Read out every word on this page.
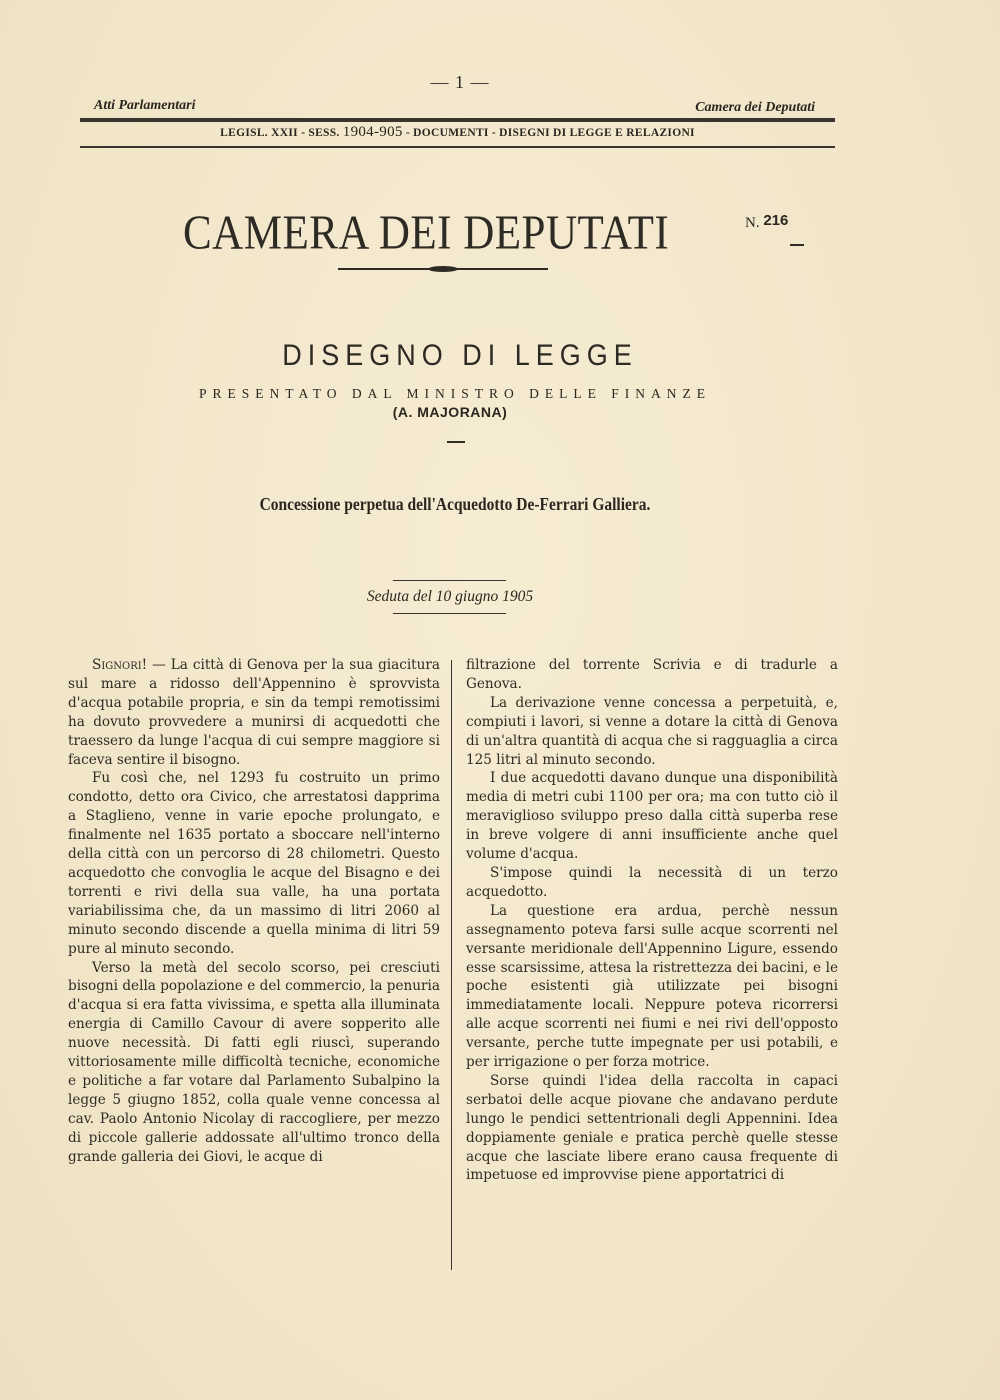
— 1 —
Atti Parlamentari	Camera dei Deputati
LEGISL. XXII - SESS. 1904-905 - DOCUMENTI - DISEGNI DI LEGGE E RELAZIONI
CAMERA DEI DEPUTATI	N. 216
DISEGNO DI LEGGE
PRESENTATO DAL MINISTRO DELLE FINANZE
(A. MAJORANA)
Concessione perpetua dell'Acquedotto De-Ferrari Galliera.
Seduta del 10 giugno 1905

Signori! — La città di Genova per la sua giacitura sul mare a ridosso dell'Appennino è sprovvista d'acqua potabile propria, e sin da tempi remotissimi ha dovuto provvedere a munirsi di acquedotti che traessero da lunge l'acqua di cui sempre maggiore si faceva sentire il bisogno.

Fu così che, nel 1293 fu costruito un primo condotto, detto ora Civico, che arrestatosi dapprima a Staglieno, venne in varie epoche prolungato, e finalmente nel 1635 portato a sboccare nell'interno della città con un percorso di 28 chilometri. Questo acquedotto che convoglia le acque del Bisagno e dei torrenti e rivi della sua valle, ha una portata variabilissima che, da un massimo di litri 2060 al minuto secondo discende a quella minima di litri 59 pure al minuto secondo.

Verso la metà del secolo scorso, pei cresciuti bisogni della popolazione e del commercio, la penuria d'acqua si era fatta vivissima, e spetta alla illuminata energia di Camillo Cavour di avere sopperito alle nuove necessità. Di fatti egli riuscì, superando vittoriosamente mille difficoltà tecniche, economiche e politiche a far votare dal Parlamento Subalpino la legge 5 giugno 1852, colla quale venne concessa al cav. Paolo Antonio Nicolay di raccogliere, per mezzo di piccole gallerie addossate all'ultimo tronco della grande galleria dei Giovi, le acque di

filtrazione del torrente Scrivia e di tradurle a Genova.

La derivazione venne concessa a perpetuità, e, compiuti i lavori, si venne a dotare la città di Genova di un'altra quantità di acqua che si ragguaglia a circa 125 litri al minuto secondo.

I due acquedotti davano dunque una disponibilità media di metri cubi 1100 per ora; ma con tutto ciò il meraviglioso sviluppo preso dalla città superba rese in breve volgere di anni insufficiente anche quel volume d'acqua.

S'impose quindi la necessità di un terzo acquedotto.

La questione era ardua, perchè nessun assegnamento poteva farsi sulle acque scorrenti nel versante meridionale dell'Appennino Ligure, essendo esse scarsissime, attesa la ristrettezza dei bacini, e le poche esistenti già utilizzate pei bisogni immediatamente locali. Neppure poteva ricorrersi alle acque scorrenti nei fiumi e nei rivi dell'opposto versante, perche tutte impegnate per usi potabili, e per irrigazione o per forza motrice.

Sorse quindi l'idea della raccolta in capaci serbatoi delle acque piovane che andavano perdute lungo le pendici settentrionali degli Appennini. Idea doppiamente geniale e pratica perchè quelle stesse acque che lasciate libere erano causa frequente di impetuose ed improvvise piene apportatrici di
